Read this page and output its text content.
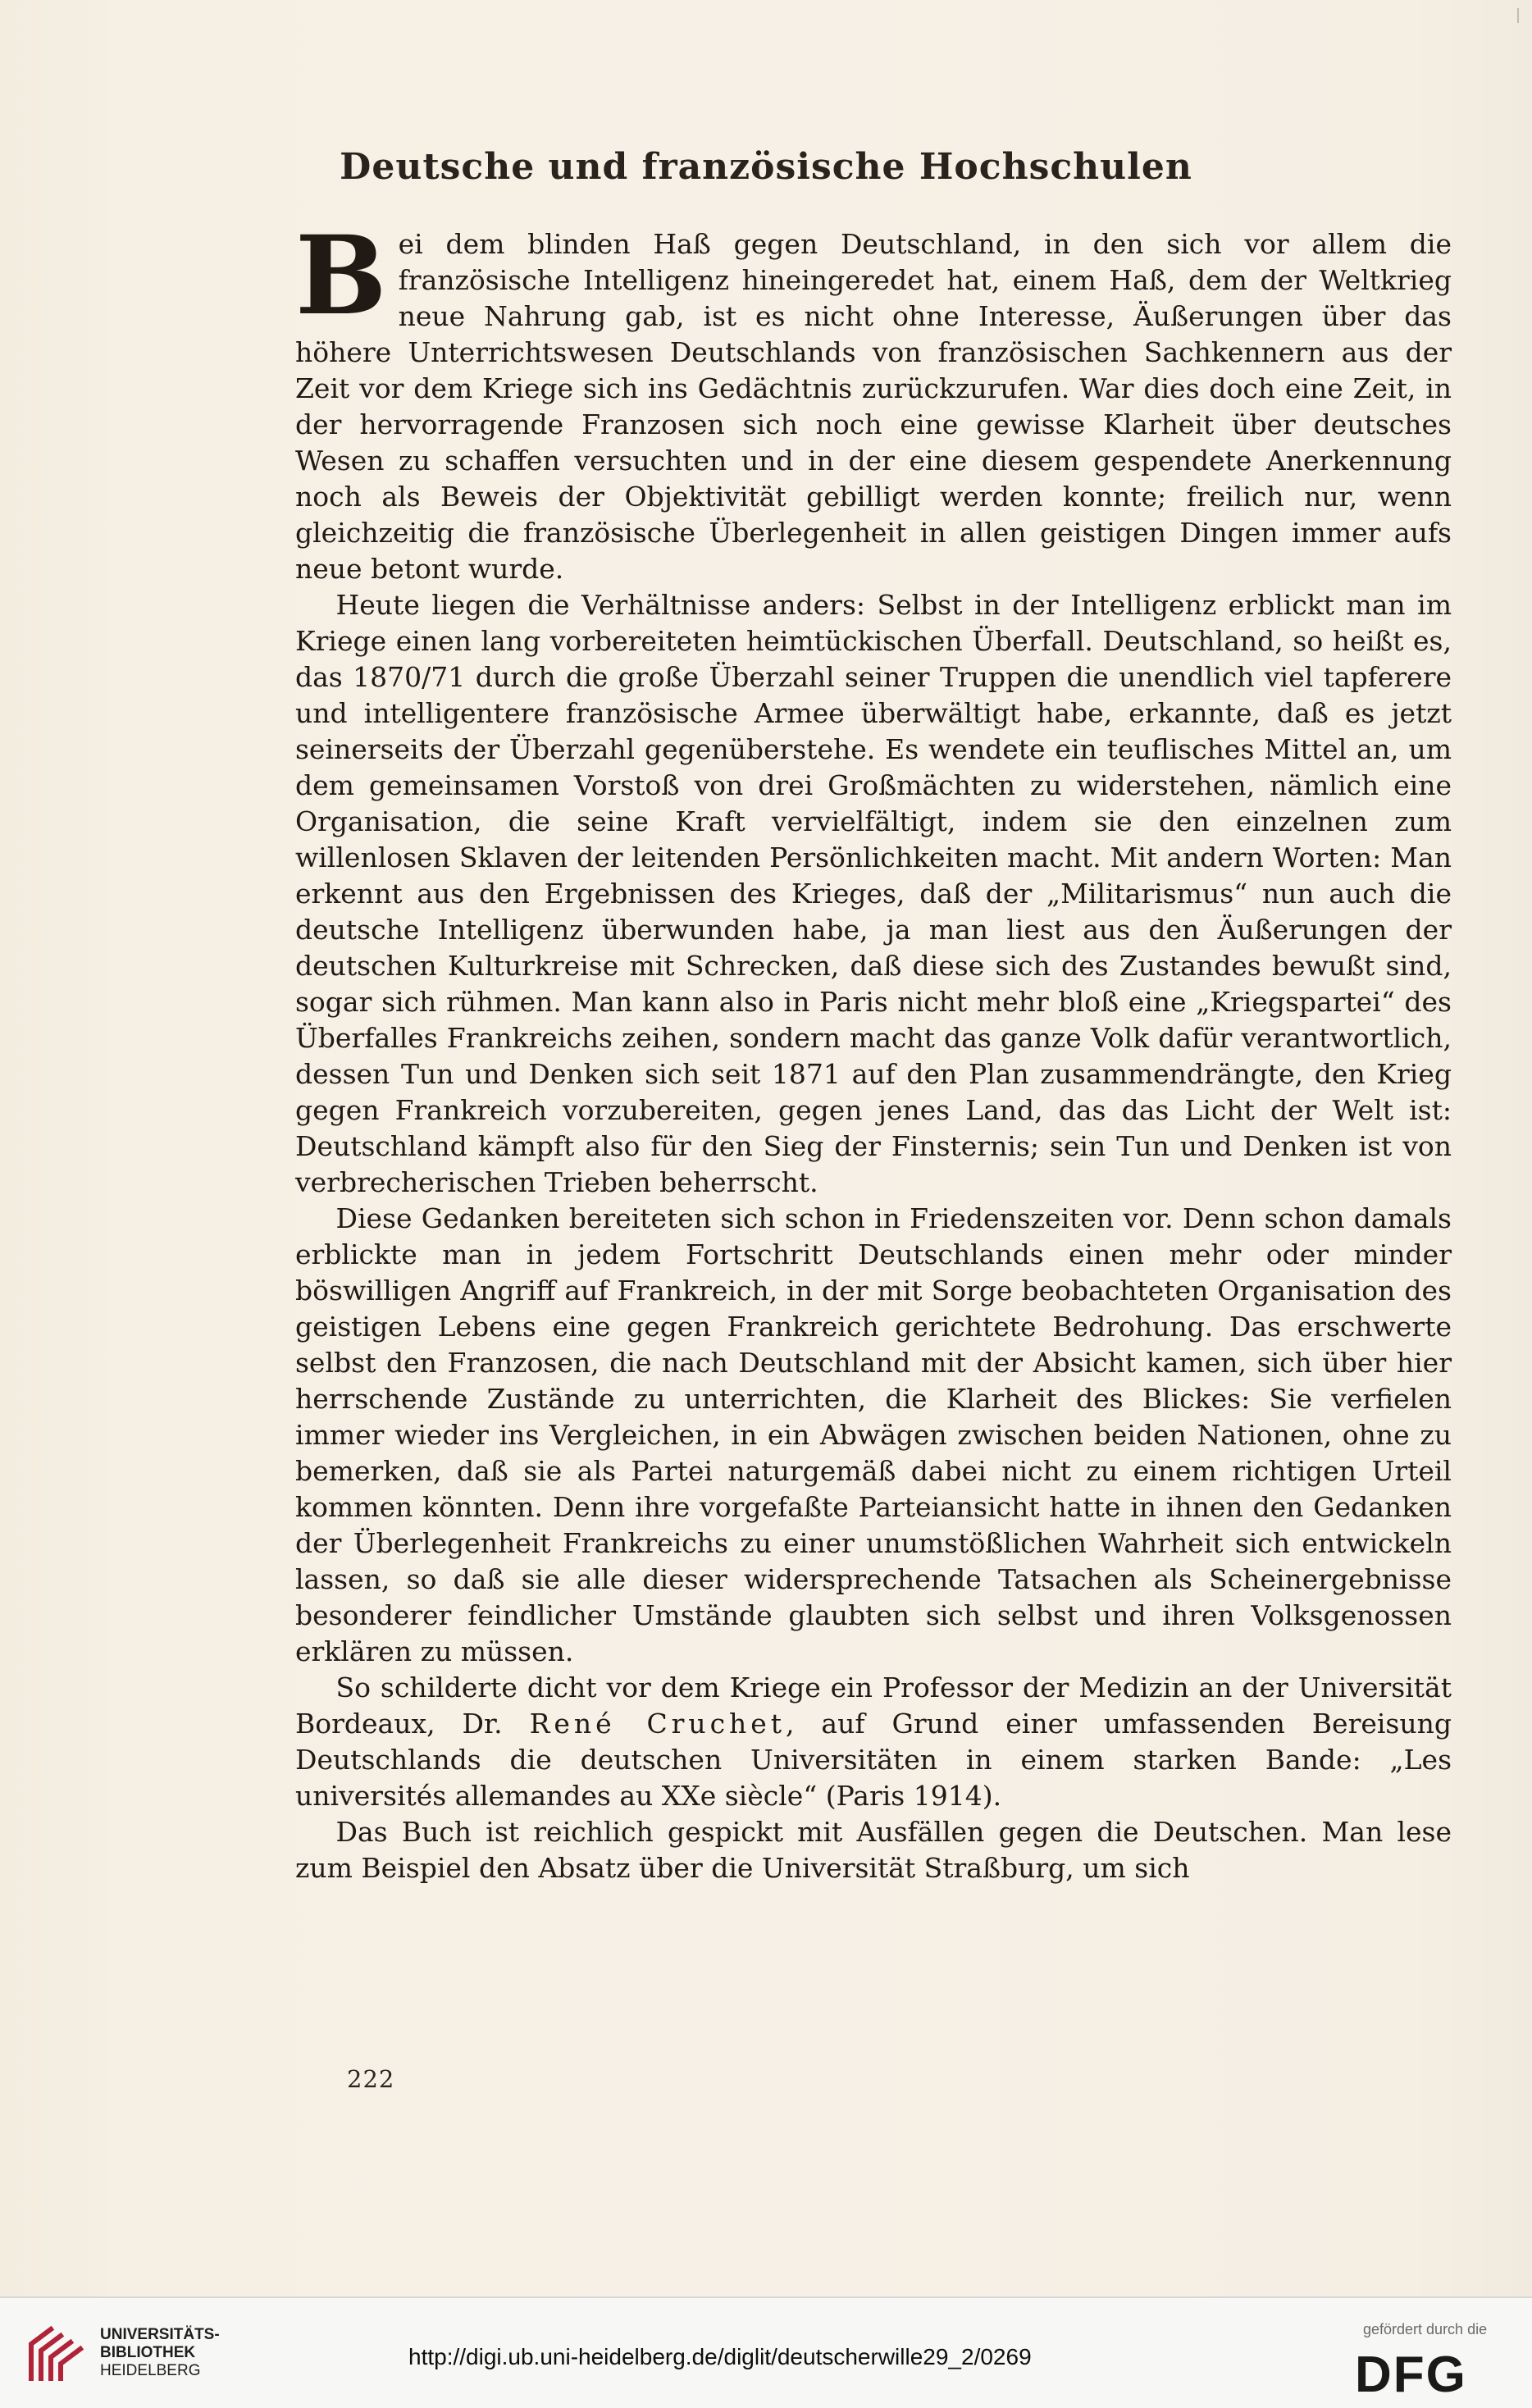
Deutsche und französische Hochschulen

Bei dem blinden Haß gegen Deutschland, in den sich vor allem die französische Intelligenz hineingeredet hat, einem Haß, dem der Weltkrieg neue Nahrung gab, ist es nicht ohne Interesse, Äußerungen über das höhere Unterrichtswesen Deutschlands von französischen Sachkennern aus der Zeit vor dem Kriege sich ins Gedächtnis zurückzurufen. War dies doch eine Zeit, in der hervorragende Franzosen sich noch eine gewisse Klarheit über deutsches Wesen zu schaffen versuchten und in der eine diesem gespendete Anerkennung noch als Beweis der Objektivität gebilligt werden konnte; freilich nur, wenn gleichzeitig die französische Überlegenheit in allen geistigen Dingen immer aufs neue betont wurde.

Heute liegen die Verhältnisse anders: Selbst in der Intelligenz erblickt man im Kriege einen lang vorbereiteten heimtückischen Überfall. Deutschland, so heißt es, das 1870/71 durch die große Überzahl seiner Truppen die unendlich viel tapferere und intelligentere französische Armee überwältigt habe, erkannte, daß es jetzt seinerseits der Überzahl gegenüberstehe. Es wendete ein teuflisches Mittel an, um dem gemeinsamen Vorstoß von drei Großmächten zu widerstehen, nämlich eine Organisation, die seine Kraft vervielfältigt, indem sie den einzelnen zum willenlosen Sklaven der leitenden Persönlichkeiten macht. Mit andern Worten: Man erkennt aus den Ergebnissen des Krieges, daß der „Militarismus“ nun auch die deutsche Intelligenz überwunden habe, ja man liest aus den Äußerungen der deutschen Kulturkreise mit Schrecken, daß diese sich des Zustandes bewußt sind, sogar sich rühmen. Man kann also in Paris nicht mehr bloß eine „Kriegspartei“ des Überfalles Frankreichs zeihen, sondern macht das ganze Volk dafür verantwortlich, dessen Tun und Denken sich seit 1871 auf den Plan zusammendrängte, den Krieg gegen Frankreich vorzubereiten, gegen jenes Land, das das Licht der Welt ist: Deutschland kämpft also für den Sieg der Finsternis; sein Tun und Denken ist von verbrecherischen Trieben beherrscht.

Diese Gedanken bereiteten sich schon in Friedenszeiten vor. Denn schon damals erblickte man in jedem Fortschritt Deutschlands einen mehr oder minder böswilligen Angriff auf Frankreich, in der mit Sorge beobachteten Organisation des geistigen Lebens eine gegen Frankreich gerichtete Bedrohung. Das erschwerte selbst den Franzosen, die nach Deutschland mit der Absicht kamen, sich über hier herrschende Zustände zu unterrichten, die Klarheit des Blickes: Sie verfielen immer wieder ins Vergleichen, in ein Abwägen zwischen beiden Nationen, ohne zu bemerken, daß sie als Partei naturgemäß dabei nicht zu einem richtigen Urteil kommen könnten. Denn ihre vorgefaßte Parteiansicht hatte in ihnen den Gedanken der Überlegenheit Frankreichs zu einer unumstößlichen Wahrheit sich entwickeln lassen, so daß sie alle dieser widersprechende Tatsachen als Scheinergebnisse besonderer feindlicher Umstände glaubten sich selbst und ihren Volksgenossen erklären zu müssen.

So schilderte dicht vor dem Kriege ein Professor der Medizin an der Universität Bordeaux, Dr. René Cruchet, auf Grund einer umfassenden Bereisung Deutschlands die deutschen Universitäten in einem starken Bande: „Les universités allemandes au XXe siècle“ (Paris 1914).

Das Buch ist reichlich gespickt mit Ausfällen gegen die Deutschen. Man lese zum Beispiel den Absatz über die Universität Straßburg, um sich

222
UNIVERSITÄTS-
BIBLIOTHEK
HEIDELBERG
http://digi.ub.uni-heidelberg.de/diglit/deutscherwille29_2/0269
gefördert durch die
DFG
